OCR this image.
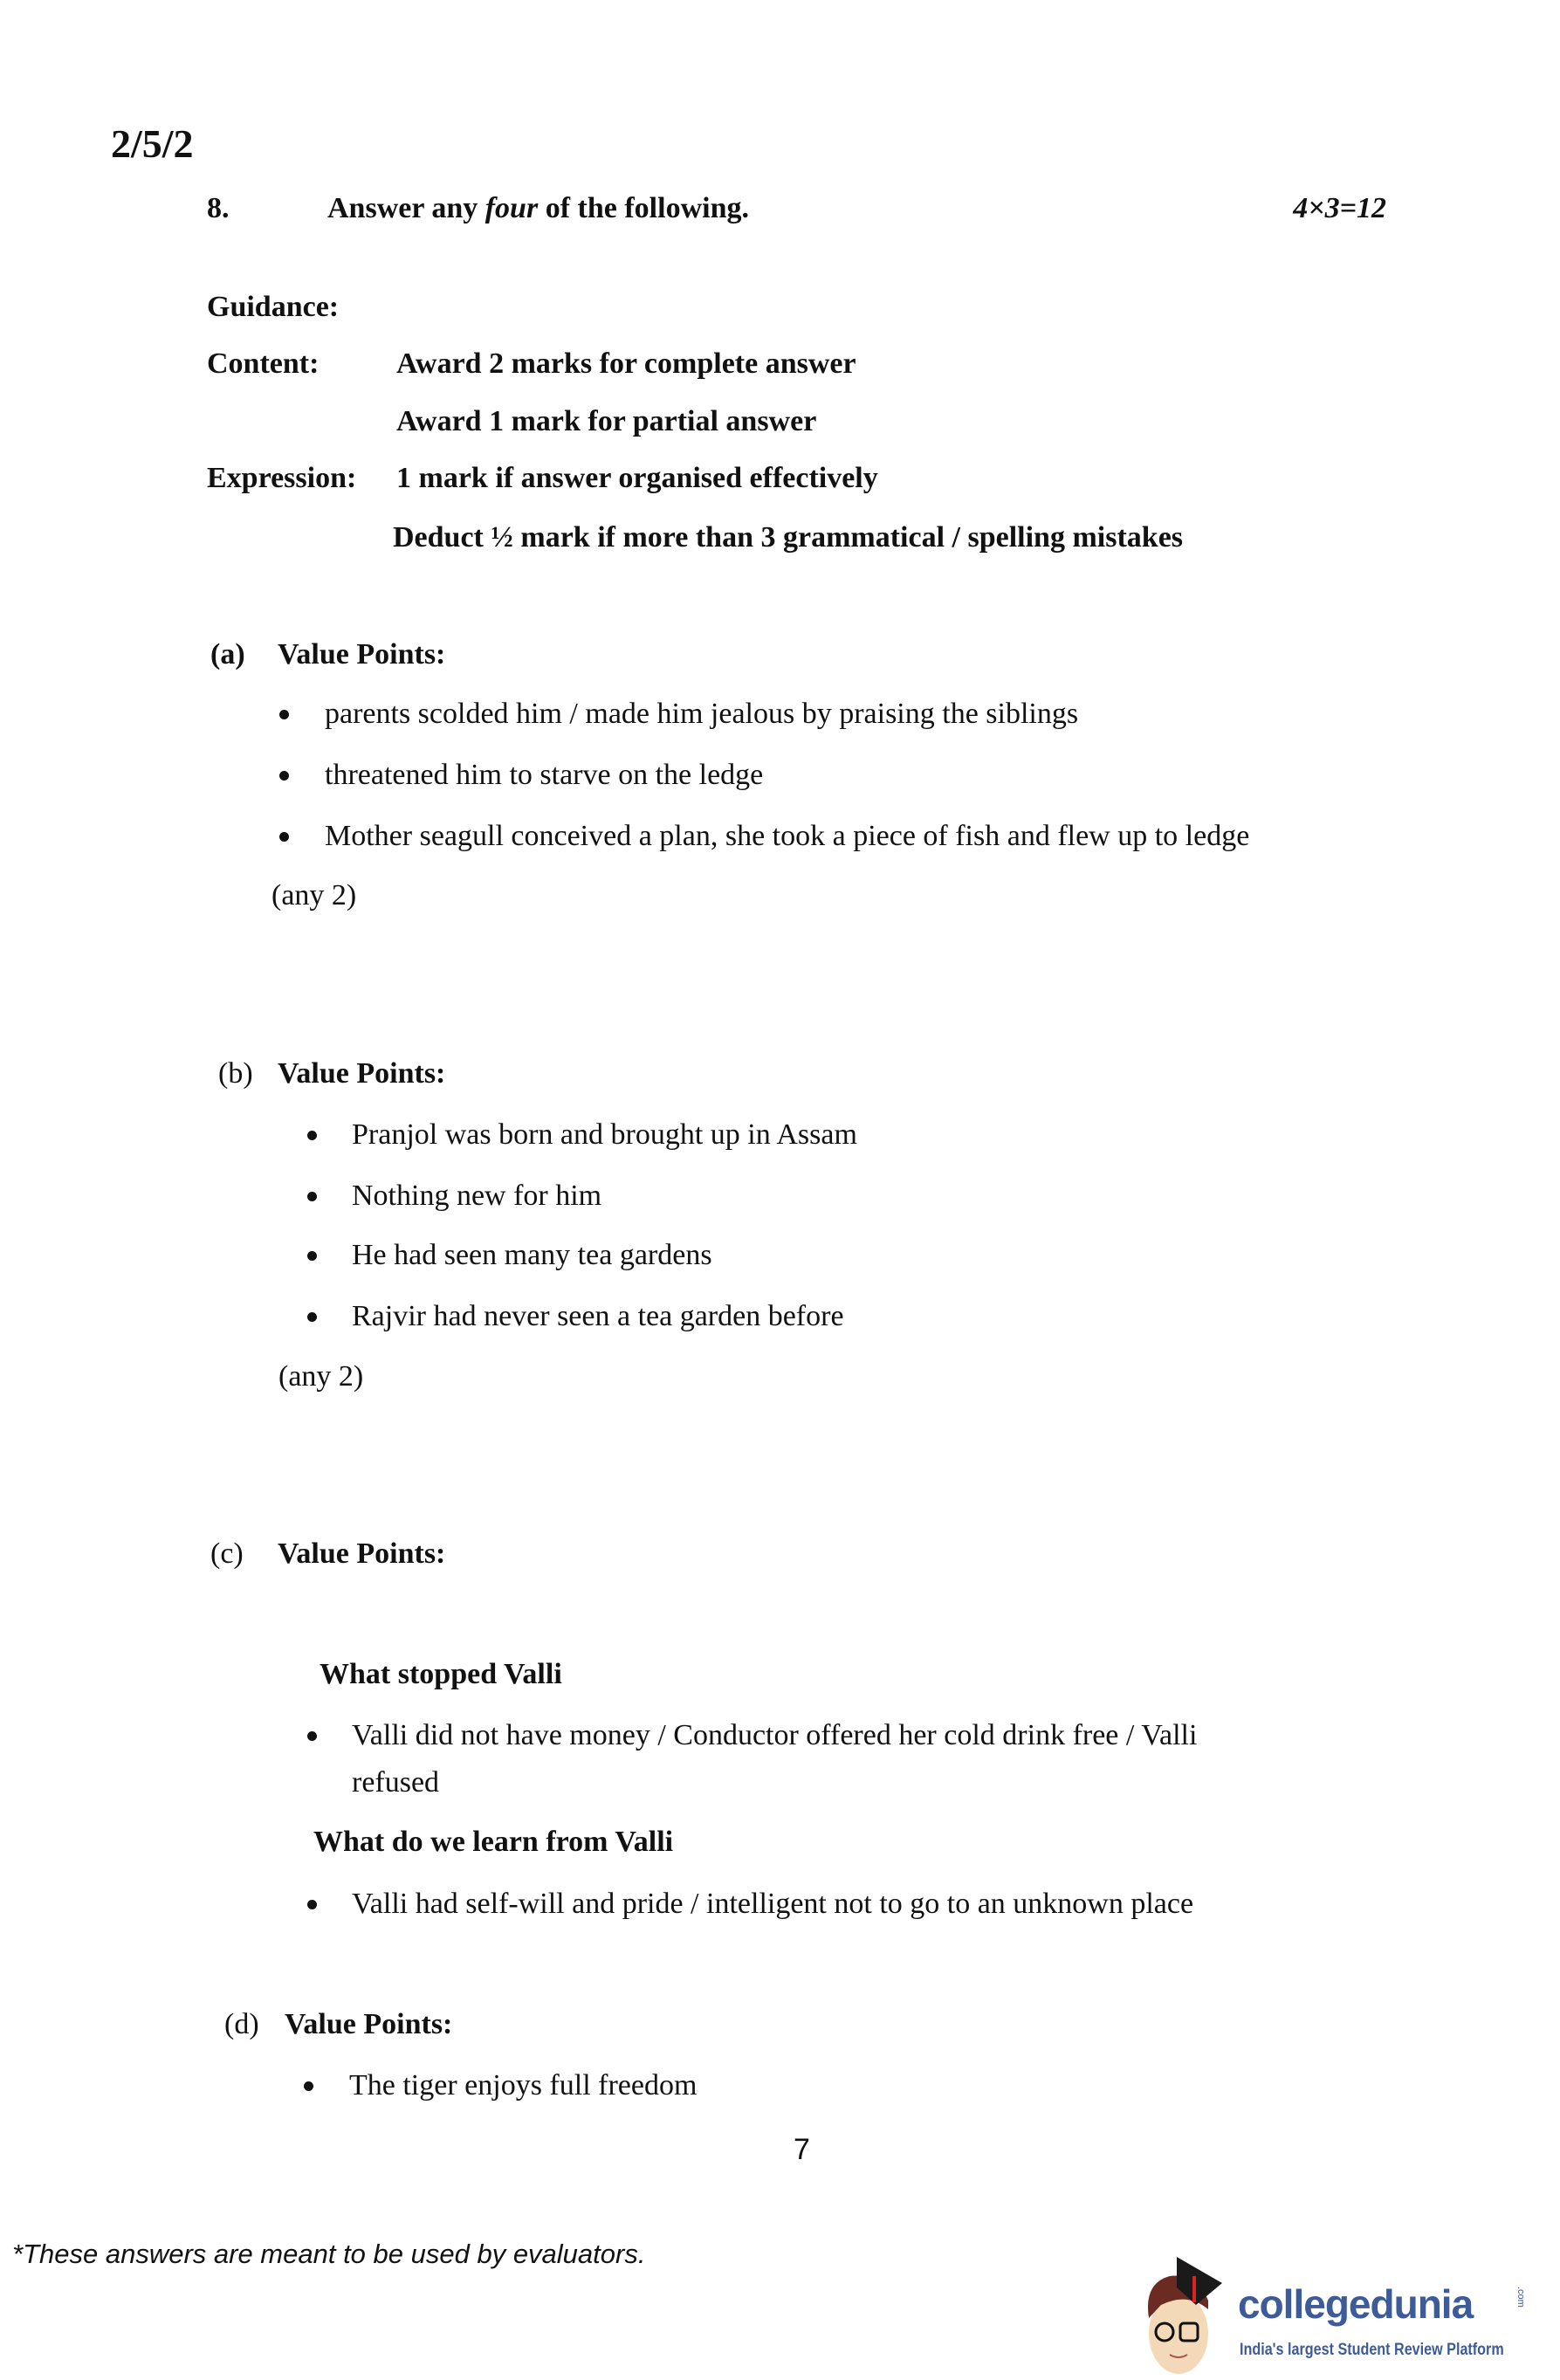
2/5/2
8.	Answer any four of the following.	4×3=12
Guidance:
Content:	Award 2 marks for complete answer
Award 1 mark for partial answer
Expression: 1 mark if answer organised effectively
Deduct ½ mark if more than 3 grammatical / spelling mistakes
(a) Value Points:
parents scolded him / made him jealous by praising the siblings
threatened him to starve on the ledge
Mother seagull conceived a plan, she took a piece of fish and flew up to ledge
(any 2)
(b) Value Points:
Pranjol was born and brought up in Assam
Nothing new for him
He had seen many tea gardens
Rajvir had never seen a tea garden before
(any 2)
(c) Value Points:
What stopped Valli
Valli did not have money / Conductor offered her cold drink free / Valli
refused
What do we learn from Valli
Valli had self-will and pride / intelligent not to go to an unknown place
(d) Value Points:
The tiger enjoys full freedom
7
*These answers are meant to be used by evaluators.
collegedunia	.com
India's largest Student Review Platform
